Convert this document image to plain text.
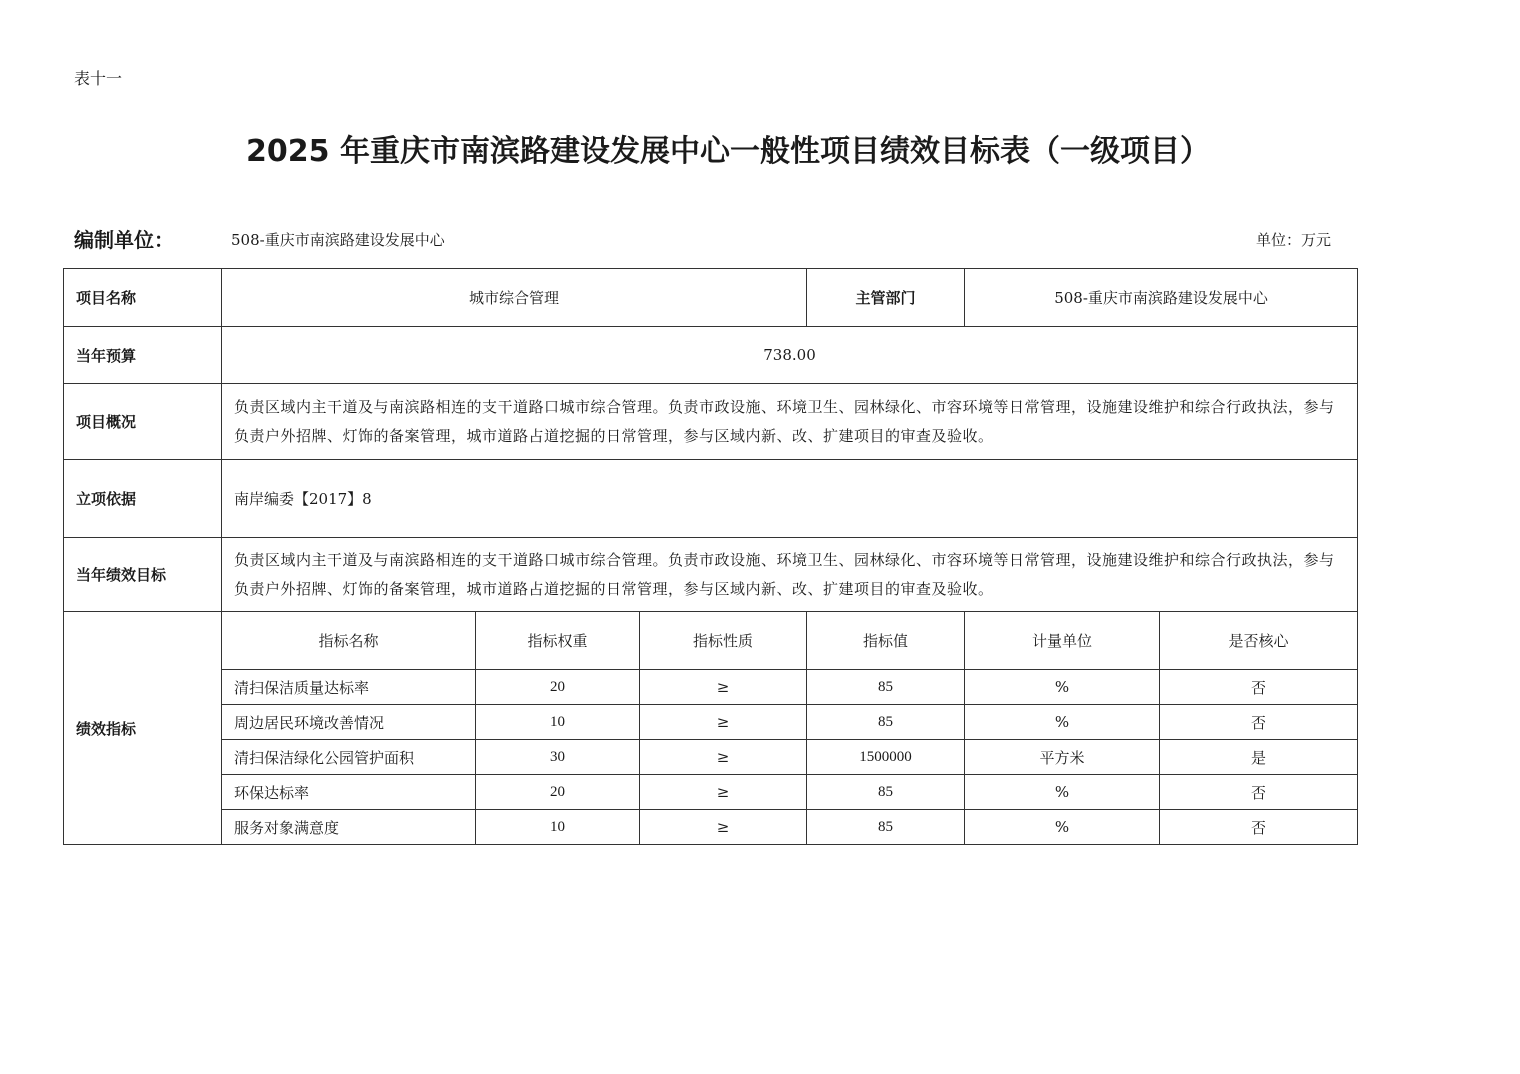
表十一
2025 年重庆市南滨路建设发展中心一般性项目绩效目标表（一级项目）
编制单位：	508-重庆市南滨路建设发展中心	单位：万元
项目名称	城市综合管理			主管部门	508-重庆市南滨路建设发展中心	
当年预算	738.00					
项目概况	负责区域内主干道及与南滨路相连的支干道路口城市综合管理。负责市政设施、环境卫生、园林绿化、市容环境等日常管理，设施建设维护和综合行政执法，参与负责户外招牌、灯饰的备案管理，城市道路占道挖掘的日常管理，参与区域内新、改、扩建项目的审查及验收。					
立项依据	南岸编委【2017】8					
当年绩效目标	负责区域内主干道及与南滨路相连的支干道路口城市综合管理。负责市政设施、环境卫生、园林绿化、市容环境等日常管理，设施建设维护和综合行政执法，参与负责户外招牌、灯饰的备案管理，城市道路占道挖掘的日常管理，参与区域内新、改、扩建项目的审查及验收。					
绩效指标	指标名称	指标权重	指标性质	指标值	计量单位	是否核心
	清扫保洁质量达标率	20	≥	85	%	否
	周边居民环境改善情况	10	≥	85	%	否
	清扫保洁绿化公园管护面积	30	≥	1500000	平方米	是
	环保达标率	20	≥	85	%	否
	服务对象满意度	10	≥	85	%	否
